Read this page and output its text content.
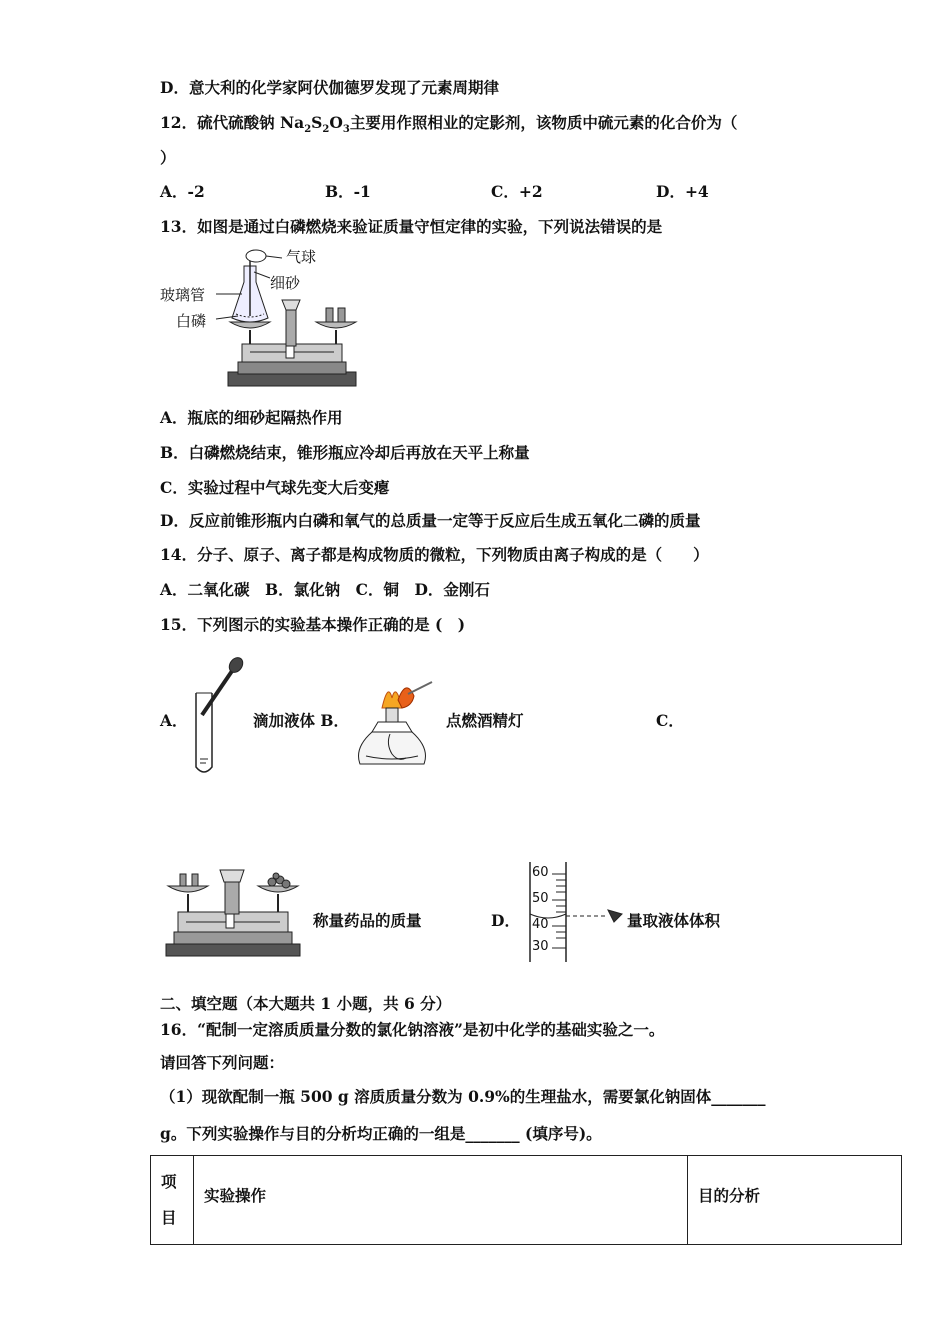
D．意大利的化学家阿伏伽德罗发现了元素周期律
12．硫代硫酸钠 $Na_2S_2O_3$主要用作照相业的定影剂，该物质中硫元素的化合价为（
）
A．-2	B．-1	C．+2	D．+4
13．如图是通过白磷燃烧来验证质量守恒定律的实验，下列说法错误的是
气球
细砂
玻璃管
白磷
A．瓶底的细砂起隔热作用
B．白磷燃烧结束，锥形瓶应冷却后再放在天平上称量
C．实验过程中气球先变大后变瘪
D．反应前锥形瓶内白磷和氧气的总质量一定等于反应后生成五氧化二磷的质量
14．分子、原子、离子都是构成物质的微粒，下列物质由离子构成的是（　　）
A．二氧化碳　B．氯化钠　C．铜　D．金刚石
15．下列图示的实验基本操作正确的是 (　)
A．	滴加液体 B．	点燃酒精灯	C．
称量药品的质量	D．
60
50
40
30
量取液体体积
二、填空题（本大题共 1 小题，共 6 分）
16．“配制一定溶质质量分数的氯化钠溶液”是初中化学的基础实验之一。
请回答下列问题：
（1）现欲配制一瓶 500 g 溶质质量分数为 0.9%的生理盐水，需要氯化钠固体_______
g。下列实验操作与目的分析均正确的一组是_______ (填序号)。
项
目	实验操作	目的分析
